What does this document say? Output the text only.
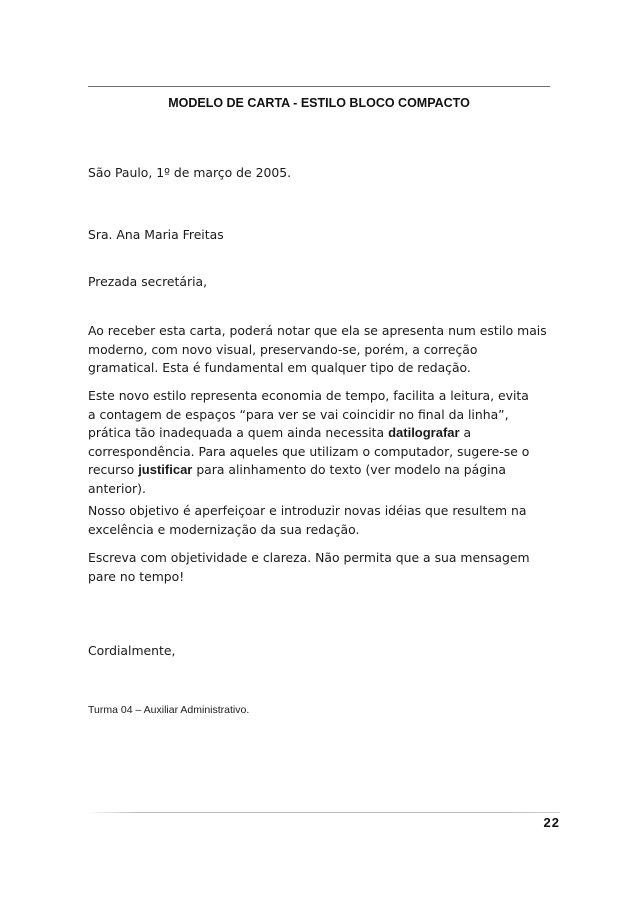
MODELO DE CARTA - ESTILO BLOCO COMPACTO
São Paulo, 1º de março de 2005.
Sra. Ana Maria Freitas
Prezada secretária,
Ao receber esta carta, poderá notar que ela se apresenta num estilo mais
moderno, com novo visual, preservando-se, porém, a correção
gramatical. Esta é fundamental em qualquer tipo de redação.
Este novo estilo representa economia de tempo, facilita a leitura, evita
a contagem de espaços “para ver se vai coincidir no final da linha”,
prática tão inadequada a quem ainda necessita datilografar a
correspondência. Para aqueles que utilizam o computador, sugere-se o
recurso justificar para alinhamento do texto (ver modelo na página
anterior).
Nosso objetivo é aperfeiçoar e introduzir novas idéias que resultem na
excelência e modernização da sua redação.
Escreva com objetividade e clareza. Não permita que a sua mensagem
pare no tempo!
Cordialmente,
Turma 04 – Auxiliar Administrativo.
22
